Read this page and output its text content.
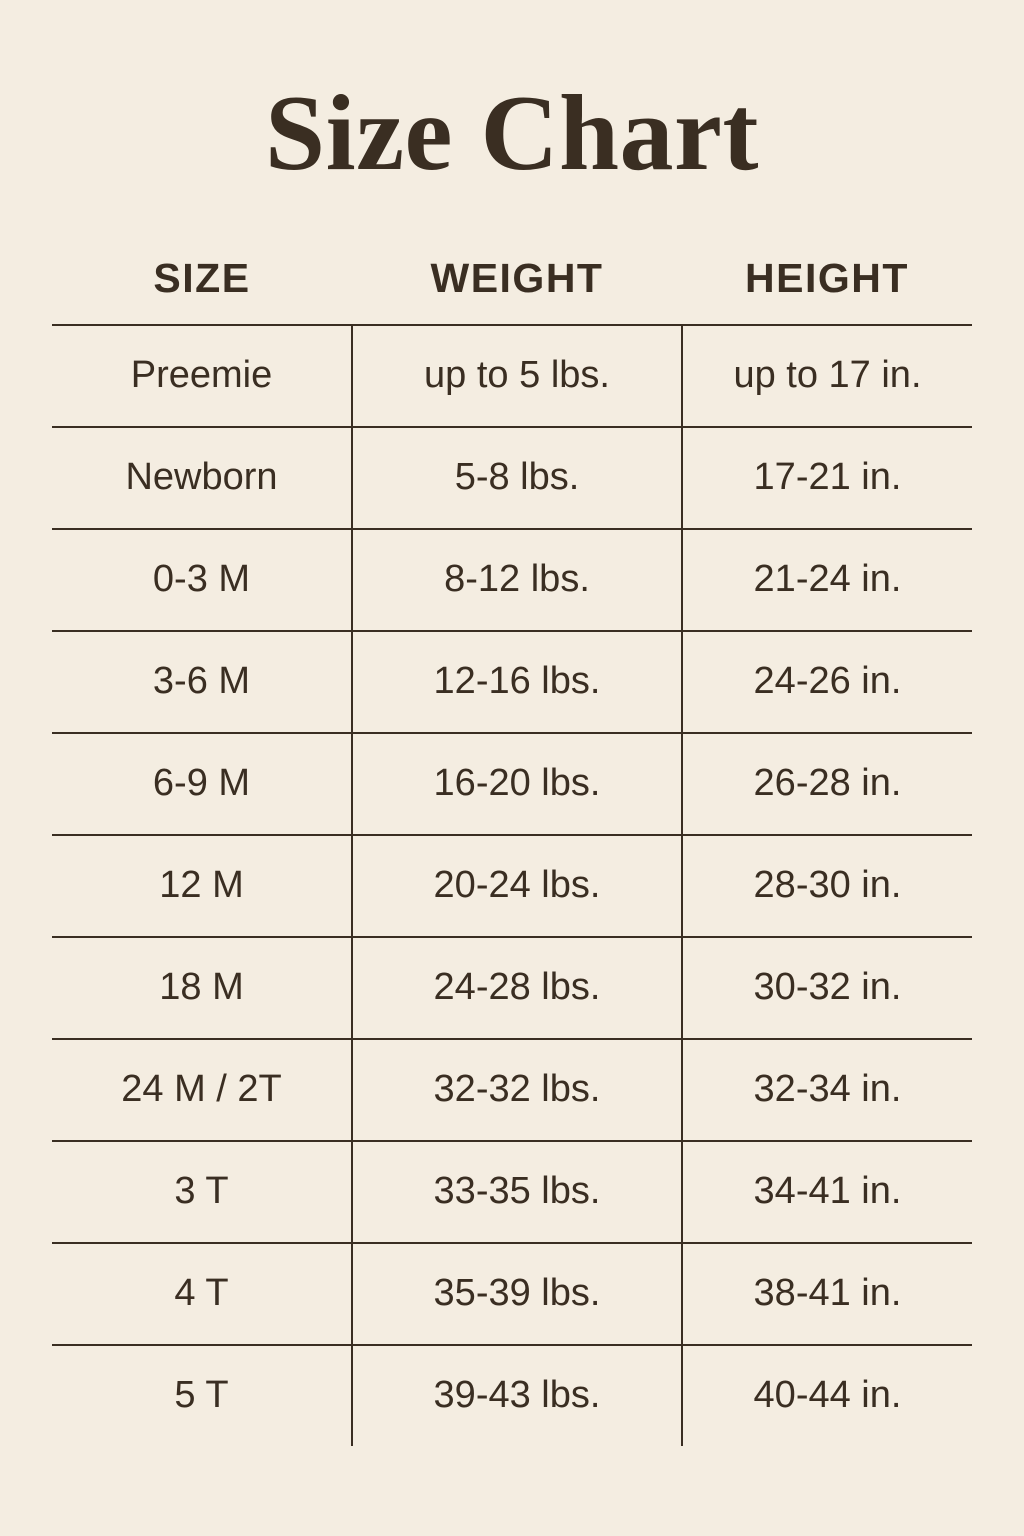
Size Chart
SIZE	WEIGHT	HEIGHT
Preemie	up to 5 lbs.	up to 17 in.
Newborn	5-8 lbs.	17-21 in.
0-3 M	8-12 lbs.	21-24 in.
3-6 M	12-16 lbs.	24-26 in.
6-9 M	16-20 lbs.	26-28 in.
12 M	20-24 lbs.	28-30 in.
18 M	24-28 lbs.	30-32 in.
24 M / 2T	32-32 lbs.	32-34 in.
3 T	33-35 lbs.	34-41 in.
4 T	35-39 lbs.	38-41 in.
5 T	39-43 lbs.	40-44 in.
